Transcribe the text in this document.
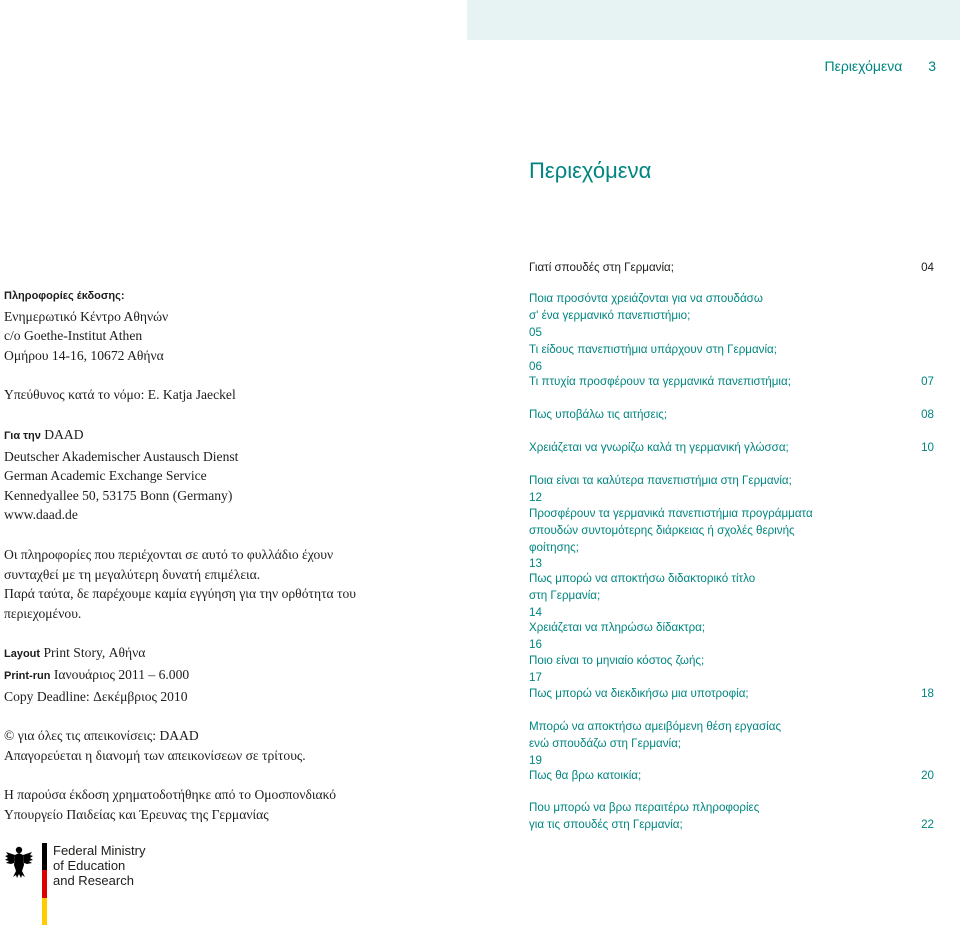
Περιεχόμενα 3
Περιεχόμενα
Πληροφορίες έκδοσης:
Ενημερωτικό Κέντρο Αθηνών
c/o Goethe-Institut Athen
Ομήρου 14-16, 10672 Αθήνα
Υπεύθυνος κατά το νόμο: E. Katja Jaeckel
Για την DAAD
Deutscher Akademischer Austausch Dienst
German Academic Exchange Service
Kennedyallee 50, 53175 Bonn (Germany)
www.daad.de
Οι πληροφορίες που περιέχονται σε αυτό το φυλλάδιο έχουν
συνταχθεί με τη μεγαλύτερη δυνατή επιμέλεια.
Παρά ταύτα, δε παρέχουμε καμία εγγύηση για την ορθότητα του
περιεχομένου.
Layout Print Story, Αθήνα
Print-run Ιανουάριος 2011 – 6.000
Copy Deadline: Δεκέμβριος 2010
© για όλες τις απεικονίσεις: DAAD
Απαγορεύεται η διανομή των απεικονίσεων σε τρίτους.
Η παρούσα έκδοση χρηματοδοτήθηκε από το Ομοσπονδιακό
Υπουργείο Παιδείας και Έρευνας της Γερμανίας
Federal Ministry
of Education
and Research
Γιατί σπουδές στη Γερμανία;	04
Ποια προσόντα χρειάζονται για να σπουδάσω
σ' ένα γερμανικό πανεπιστήμιο;
05
Τι είδους πανεπιστήμια υπάρχουν στη Γερμανία;
06
Τι πτυχία προσφέρουν τα γερμανικά πανεπιστήμια;	07
Πως υποβάλω τις αιτήσεις;	08
Χρειάζεται να γνωρίζω καλά τη γερμανική γλώσσα;	10
Ποια είναι τα καλύτερα πανεπιστήμια στη Γερμανία;
12
Προσφέρουν τα γερμανικά πανεπιστήμια προγράμματα
σπουδών συντομότερης διάρκειας ή σχολές θερινής
φοίτησης;
13
Πως μπορώ να αποκτήσω διδακτορικό τίτλο
στη Γερμανία;
14
Χρειάζεται να πληρώσω δίδακτρα;
16
Ποιο είναι το μηνιαίο κόστος ζωής;
17
Πως μπορώ να διεκδικήσω μια υποτροφία;	18
Μπορώ να αποκτήσω αμειβόμενη θέση εργασίας
ενώ σπουδάζω στη Γερμανία;
19
Πως θα βρω κατοικία;	20
Που μπορώ να βρω περαιτέρω πληροφορίες
για τις σπουδές στη Γερμανία;	22
